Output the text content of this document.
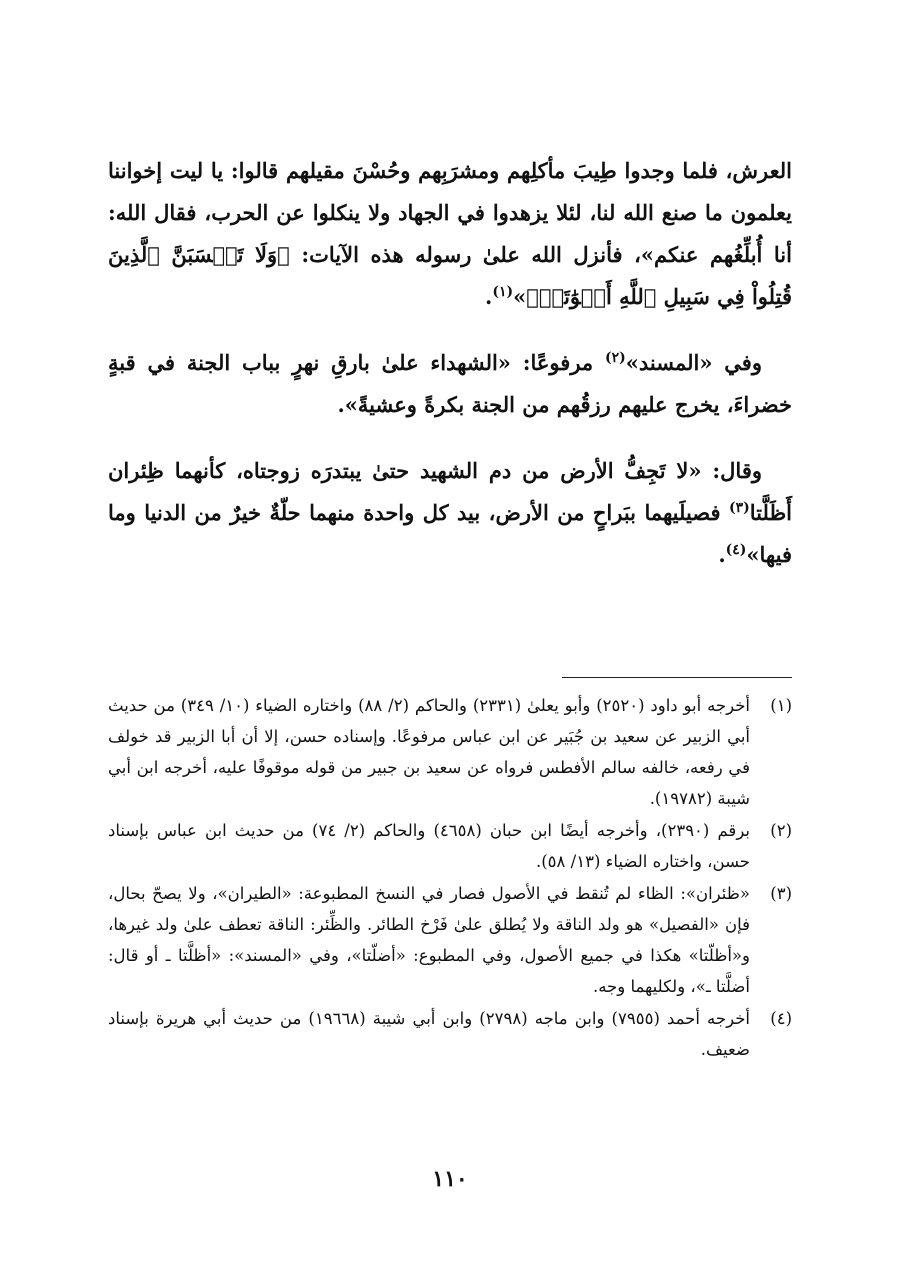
العرش، فلما وجدوا طِيبَ مأكلِهم ومشرَبِهم وحُسْنَ مقيلهم قالوا: يا ليت إخواننا يعلمون ما صنع الله لنا، لئلا يزهدوا في الجهاد ولا ينكلوا عن الحرب، فقال الله: أنا أُبلِّغُهم عنكم»، فأنزل الله علىٰ رسوله هذه الآيات: ﴿وَلَا تَحۡسَبَنَّ ٱلَّذِينَ قُتِلُواْ فِي سَبِيلِ ٱللَّهِ أَمۡوَٰتَاۢ﴾»$^{(١)}$.

وفي «المسند»$^{(٢)}$ مرفوعًا: «الشهداء علىٰ بارقِ نهرٍ بباب الجنة في قبةٍ خضراءَ، يخرج عليهم رزقُهم من الجنة بكرةً وعشيةً».

وقال: «لا تَجِفُّ الأرض من دم الشهيد حتىٰ يبتدرَه زوجتاه، كأنهما ظِئران أَظَلَّتا$^{(٣)}$ فصيلَيهما ببَراحٍ من الأرض، بيد كل واحدة منهما حلّةٌ خيرٌ من الدنيا وما فيها»$^{(٤)}$.

(١)
أخرجه أبو داود (٢٥٢٠) وأبو يعلىٰ (٢٣٣١) والحاكم (٢/ ٨٨) واختاره الضياء (١٠/ ٣٤٩) من حديث أبي الزبير عن سعيد بن جُبَير عن ابن عباس مرفوعًا. وإسناده حسن، إلا أن أبا الزبير قد خولف في رفعه، خالفه سالم الأفطس فرواه عن سعيد بن جبير من قوله موقوفًا عليه، أخرجه ابن أبي شيبة (١٩٧٨٢).
(٢)
برقم (٢٣٩٠)، وأخرجه أيضًا ابن حبان (٤٦٥٨) والحاكم (٢/ ٧٤) من حديث ابن عباس بإسناد حسن، واختاره الضياء (١٣/ ٥٨).
(٣)
«ظئران»: الظاء لم تُنقط في الأصول فصار في النسخ المطبوعة: «الطيران»، ولا يصحّ بحال، فإن «الفصيل» هو ولد الناقة ولا يُطلق علىٰ فَرْخ الطائر. والظِّئر: الناقة تعطف علىٰ ولد غيرها، و«أظلّتا» هكذا في جميع الأصول، وفي المطبوع: «أضلّتا»، وفي «المسند»: «أظلَّتا ـ أو قال: أضلَّتا ـ»، ولكليهما وجه.
(٤)
أخرجه أحمد (٧٩٥٥) وابن ماجه (٢٧٩٨) وابن أبي شيبة (١٩٦٦٨) من حديث أبي هريرة بإسناد ضعيف.
١١٠
